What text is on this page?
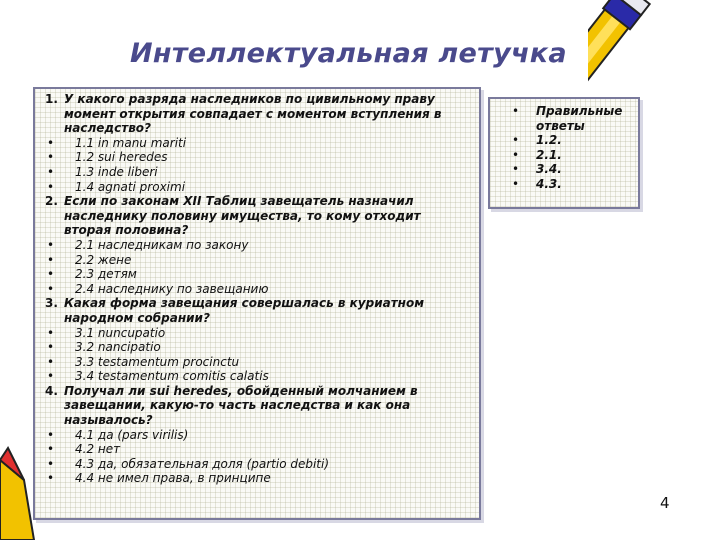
Интеллектуальная летучка
1. У какого разряда наследников по цивильному праву
момент открытия совпадает с моментом вступления в
наследство?
•	1.1 in manu mariti
•	1.2 sui heredes
•	1.3 inde liberi
•	1.4 agnati proximi
2. Если по законам XII Таблиц завещатель назначил
наследнику половину имущества, то кому отходит
вторая половина?
•	2.1 наследникам по закону
•	2.2 жене
•	2.3 детям
•	2.4 наследнику по завещанию
3. Какая форма завещания совершалась в куриатном
народном собрании?
•	3.1 nuncupatio
•	3.2 nancipatio
•	3.3 testamentum procinctu
•	3.4 testamentum comitis calatis
4. Получал ли sui heredes, обойденный молчанием в
завещании, какую-то часть наследства и как она
называлось?
•	4.1 да (pars virilis)
•	4.2 нет
•	4.3 да, обязательная доля (partio debiti)
•	4.4 не имел права, в принципе
•	Правильные
ответы
•	1.2.
•	2.1.
•	3.4.
•	4.3.
4
